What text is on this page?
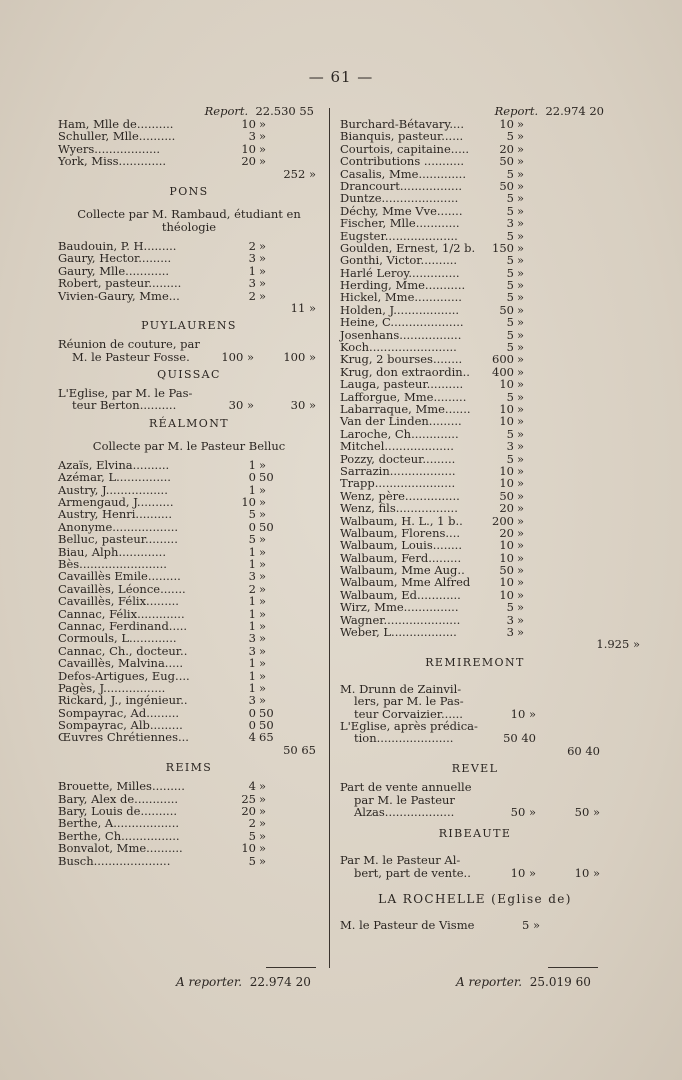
— 61 —
Report. 22.530 55
Ham, Mlle de..........	10 »
Schuller, Mlle..........	3 »
Wyers..................	10 »
York, Miss.............	20 »
252 »
PONS
Collecte par M. Rambaud, étudiant en théologie
Baudouin, P. H.........	2 »
Gaury, Hector.........	3 »
Gaury, Mlle............	1 »
Robert, pasteur.........	3 »
Vivien-Gaury, Mme...	2 »
11 »
PUYLAURENS
Réunion de couture, par
M. le Pasteur Fosse.	100 »	100 »
QUISSAC
L'Eglise, par M. le Pas-
teur Berton..........	30 »	30 »
RÉALMONT
Collecte par M. le Pasteur Belluc
Azaïs, Elvina..........	1 »
Azémar, L...............	0 50
Austry, J.................	1 »
Armengaud, J..........	10 »
Austry, Henri..........	5 »
Anonyme..................	0 50
Belluc, pasteur.........	5 »
Biau, Alph.............	1 »
Bès........................	1 »
Cavaillès Emile.........	3 »
Cavaillès, Léonce.......	2 »
Cavaillès, Félix.........	1 »
Cannac, Félix.............	1 »
Cannac, Ferdinand.....	1 »
Cormouls, L.............	3 »
Cannac, Ch., docteur..	3 »
Cavaillès, Malvina.....	1 »
Defos-Artigues, Eug....	1 »
Pagès, J.................	1 »
Rickard, J., ingénieur..	3 »
Sompayrac, Ad.........	0 50
Sompayrac, Alb.........	0 50
Œuvres Chrétiennes...	4 65
50 65
REIMS
Brouette, Milles.........	4 »
Bary, Alex de............	25 »
Bary, Louis de..........	20 »
Berthe, A..................	2 »
Berthe, Ch................	5 »
Bonvalot, Mme..........	10 »
Busch.....................	5 »
Report. 22.974 20
Burchard-Bétavary....	10 »
Bianquis, pasteur......	5 »
Courtois, capitaine.....	20 »
Contributions ...........	50 »
Casalis, Mme.............	5 »
Drancourt.................	50 »
Duntze.....................	5 »
Déchy, Mme Vve.......	5 »
Fischer, Mlle............	3 »
Eugster....................	5 »
Goulden, Ernest, 1/2 b. 150 »
Gonthi, Victor..........	5 »
Harlé Leroy..............	5 »
Herding, Mme...........	5 »
Hickel, Mme.............	5 »
Holden, J..................	50 »
Heine, C....................	5 »
Josenhans.................	5 »
Koch........................	5 »
Krug, 2 bourses........	600 »
Krug, don extraordin.. 400 »
Lauga, pasteur..........	10 »
Lafforgue, Mme.........	5 »
Labarraque, Mme.......	10 »
Van der Linden.........	10 »
Laroche, Ch.............	5 »
Mitchel...................	3 »
Pozzy, docteur.........	5 »
Sarrazin..................	10 »
Trapp......................	10 »
Wenz, père...............	50 »
Wenz, fils.................	20 »
Walbaum, H. L., 1 b..	200 »
Walbaum, Florens....	20 »
Walbaum, Louis........	10 »
Walbaum, Ferd.........	10 »
Walbaum, Mme Aug..	50 »
Walbaum, Mme Alfred	10 »
Walbaum, Ed............	10 »
Wirz, Mme...............	5 »
Wagner.....................	3 »
Weber, L..................	3 »
1.925 »
REMIREMONT
M. Drunn de Zainvil-
lers, par M. le Pas-
teur Corvaizier......	10 »
L'Eglise, après prédica-
tion.....................	50 40
60 40
REVEL
Part de vente annuelle
par M. le Pasteur
Alzas...................	50 »	50 »
RIBEAUTE
Par M. le Pasteur Al-
bert, part de vente..	10 »	10 »
LA ROCHELLE (Eglise de)
M. le Pasteur de Visme	5 »
A reporter. 22.974 20	A reporter. 25.019 60
